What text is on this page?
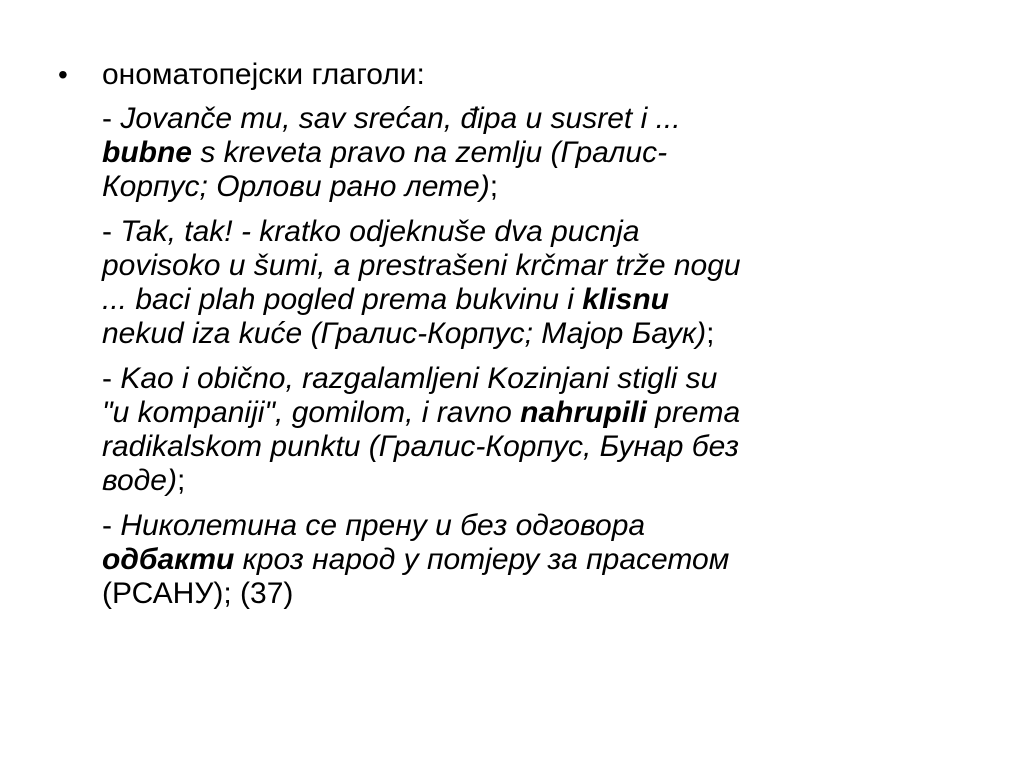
• ономатопејски глаголи:
- Jovanče mu, sav srećan, đipa u susret i ...
bubne s kreveta pravo na zemlju (Гралис-
Корпус; Орлови рано лете);
- Tak, tak! - kratko odjeknuše dva pucnja
povisoko u šumi, a prestrašeni krčmar trže nogu
... baci plah pogled prema bukvinu i klisnu
nekud iza kuće (Гралис-Корпус; Мајор Баук);
- Kao i obično, razgalamljeni Kozinjani stigli su
"u kompaniji", gomilom, i ravno nahrupili prema
radikalskom punktu (Гралис-Корпус, Бунар без
воде);
- Николетина се прену и без одговора
одбакти кроз народ у потјеру за прасетом
(РСАНУ); (37)
